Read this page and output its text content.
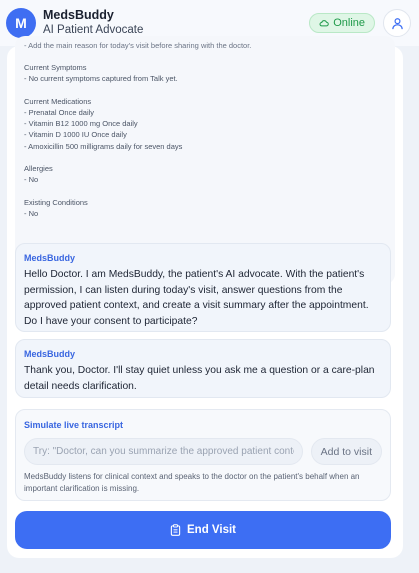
M	MedsBuddy
AI Patient Advocate
Online
- Add the main reason for today's visit before sharing with the doctor.
Current Symptoms
- No current symptoms captured from Talk yet.
Current Medications
- Prenatal Once daily
- Vitamin B12 1000 mg Once daily
- Vitamin D 1000 IU Once daily
- Amoxicillin 500 milligrams daily for seven days
Allergies
- No
Existing Conditions
- No
MedsBuddy
Hello Doctor. I am MedsBuddy, the patient's AI advocate. With the patient's permission, I can listen during today's visit, answer questions from the approved patient context, and create a visit summary after the appointment. Do I have your consent to participate?
MedsBuddy
Thank you, Doctor. I'll stay quiet unless you ask me a question or a care-plan detail needs clarification.
Simulate live transcript
Try: "Doctor, can you summarize the approved patient context?"
Add to visit
MedsBuddy listens for clinical context and speaks to the doctor on the patient's behalf when an important clarification is missing.
End Visit
